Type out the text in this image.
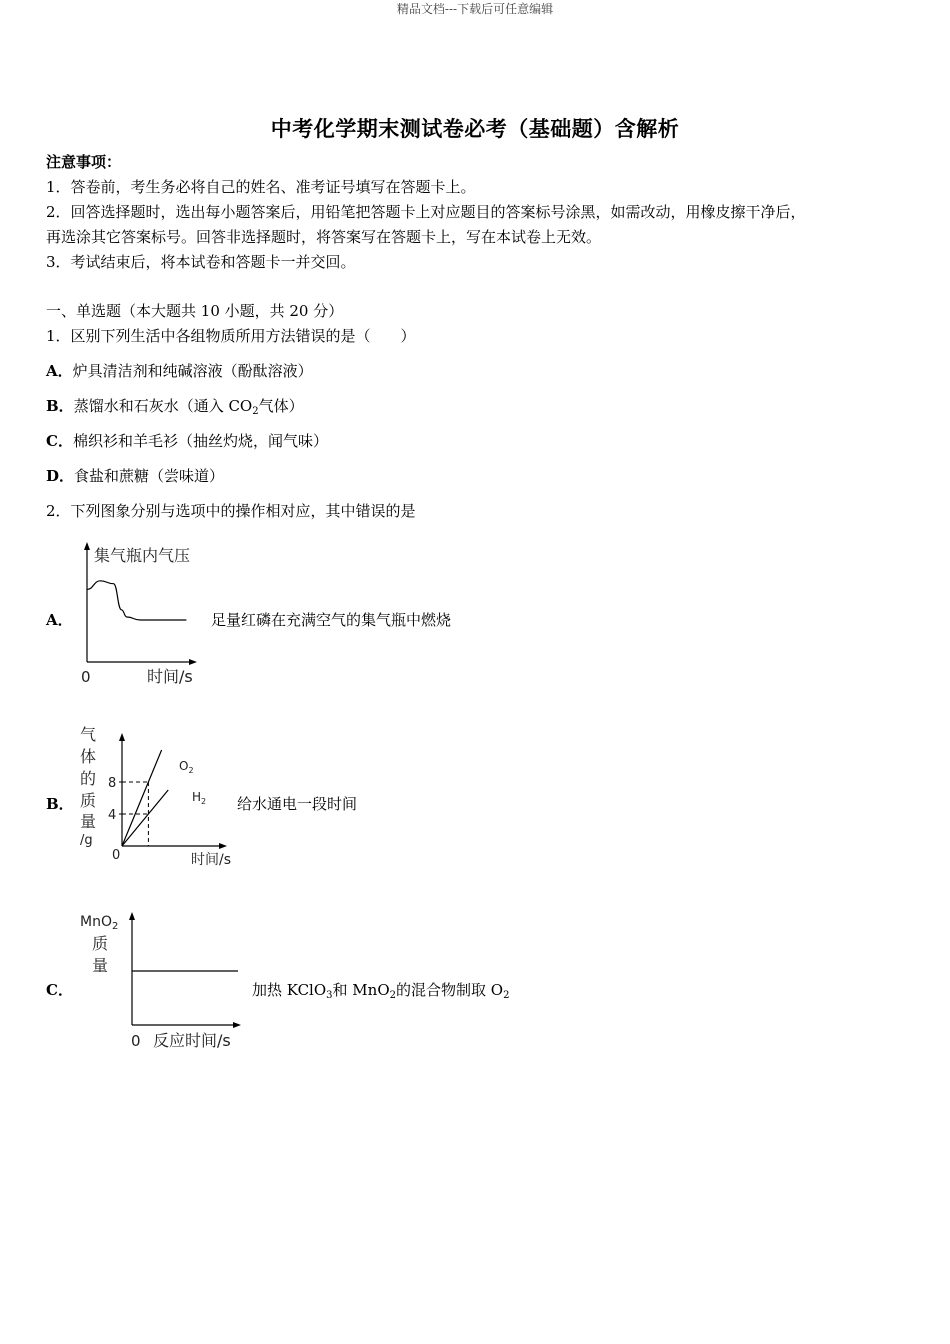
精品文档---下载后可任意编辑
中考化学期末测试卷必考（基础题）含解析
注意事项：
1．答卷前，考生务必将自己的姓名、准考证号填写在答题卡上。
2．回答选择题时，选出每小题答案后，用铅笔把答题卡上对应题目的答案标号涂黑，如需改动，用橡皮擦干净后，
再选涂其它答案标号。回答非选择题时，将答案写在答题卡上，写在本试卷上无效。
3．考试结束后，将本试卷和答题卡一并交回。
一、单选题（本大题共 10 小题，共 20 分）
1．区别下列生活中各组物质所用方法错误的是（　　）
A．炉具清洁剂和纯碱溶液（酚酞溶液）
B．蒸馏水和石灰水（通入 $CO_2$气体）
C．棉织衫和羊毛衫（抽丝灼烧，闻气味）
D．食盐和蔗糖（尝味道）
2．下列图象分别与选项中的操作相对应，其中错误的是
A．
集气瓶内气压
0	时间/s
足量红磷在充满空气的集气瓶中燃烧
B．
气
体
的
质
量
/g
8
4
$O_2$
$H_2$
0	时间/s
给水通电一段时间
C．
MnO$_2$
质
量
0 反应时间/s
加热 KClO$_3$和 MnO$_2$的混合物制取 $O_2$
